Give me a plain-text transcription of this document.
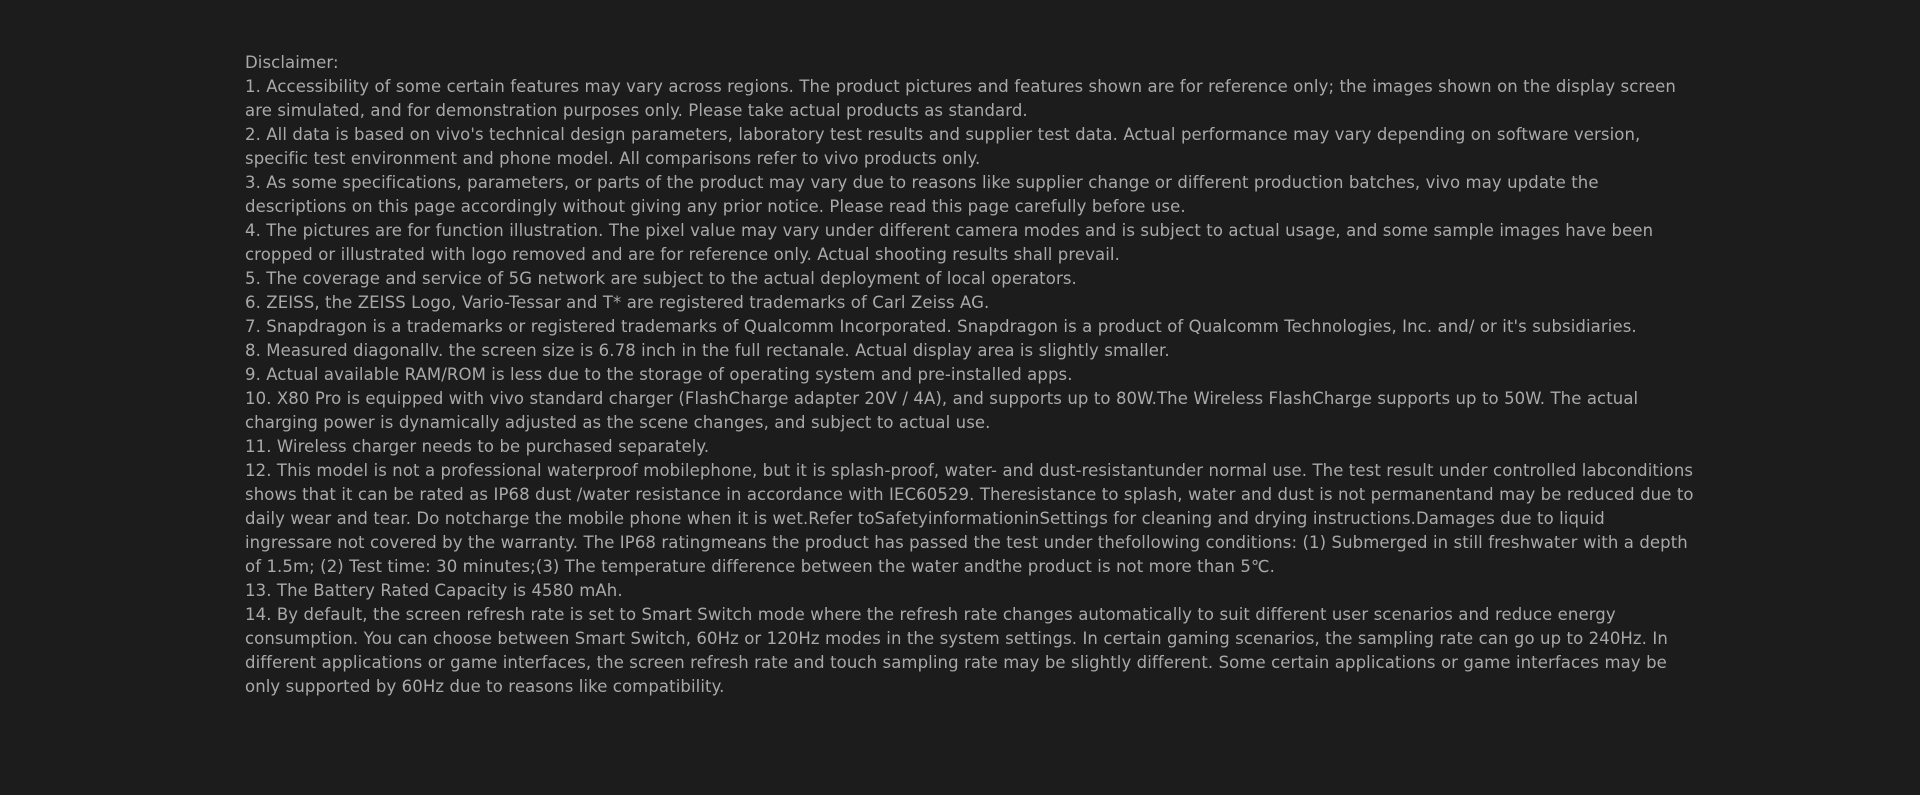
Disclaimer:

1. Accessibility of some certain features may vary across regions. The product pictures and features shown are for reference only; the images shown on the display screen are simulated, and for demonstration purposes only. Please take actual products as standard.

2. All data is based on vivo's technical design parameters, laboratory test results and supplier test data. Actual performance may vary depending on software version, specific test environment and phone model. All comparisons refer to vivo products only.

3. As some specifications, parameters, or parts of the product may vary due to reasons like supplier change or different production batches, vivo may update the descriptions on this page accordingly without giving any prior notice. Please read this page carefully before use.

4. The pictures are for function illustration. The pixel value may vary under different camera modes and is subject to actual usage, and some sample images have been cropped or illustrated with logo removed and are for reference only. Actual shooting results shall prevail.

5. The coverage and service of 5G network are subject to the actual deployment of local operators.

6. ZEISS, the ZEISS Logo, Vario-Tessar and T* are registered trademarks of Carl Zeiss AG.

7. Snapdragon is a trademarks or registered trademarks of Qualcomm Incorporated. Snapdragon is a product of Qualcomm Technologies, Inc. and/ or it's subsidiaries.

8. Measured diagonallv. the screen size is 6.78 inch in the full rectanale. Actual display area is slightly smaller.

9. Actual available RAM/ROM is less due to the storage of operating system and pre-installed apps.

10. X80 Pro is equipped with vivo standard charger (FlashCharge adapter 20V / 4A), and supports up to 80W.The Wireless FlashCharge supports up to 50W. The actual charging power is dynamically adjusted as the scene changes, and subject to actual use.

11. Wireless charger needs to be purchased separately.

12. This model is not a professional waterproof mobilephone, but it is splash-proof, water- and dust-resistantunder normal use. The test result under controlled labconditions shows that it can be rated as IP68 dust /water resistance in accordance with IEC60529. Theresistance to splash, water and dust is not permanentand may be reduced due to daily wear and tear. Do notcharge the mobile phone when it is wet.Refer toSafetyinformationinSettings for cleaning and drying instructions.Damages due to liquid ingressare not covered by the warranty. The IP68 ratingmeans the product has passed the test under thefollowing conditions: (1) Submerged in still freshwater with a depth of 1.5m; (2) Test time: 30 minutes;(3) The temperature difference between the water andthe product is not more than 5℃.

13. The Battery Rated Capacity is 4580 mAh.

14. By default, the screen refresh rate is set to Smart Switch mode where the refresh rate changes automatically to suit different user scenarios and reduce energy consumption. You can choose between Smart Switch, 60Hz or 120Hz modes in the system settings. In certain gaming scenarios, the sampling rate can go up to 240Hz. In different applications or game interfaces, the screen refresh rate and touch sampling rate may be slightly different. Some certain applications or game interfaces may be only supported by 60Hz due to reasons like compatibility.
